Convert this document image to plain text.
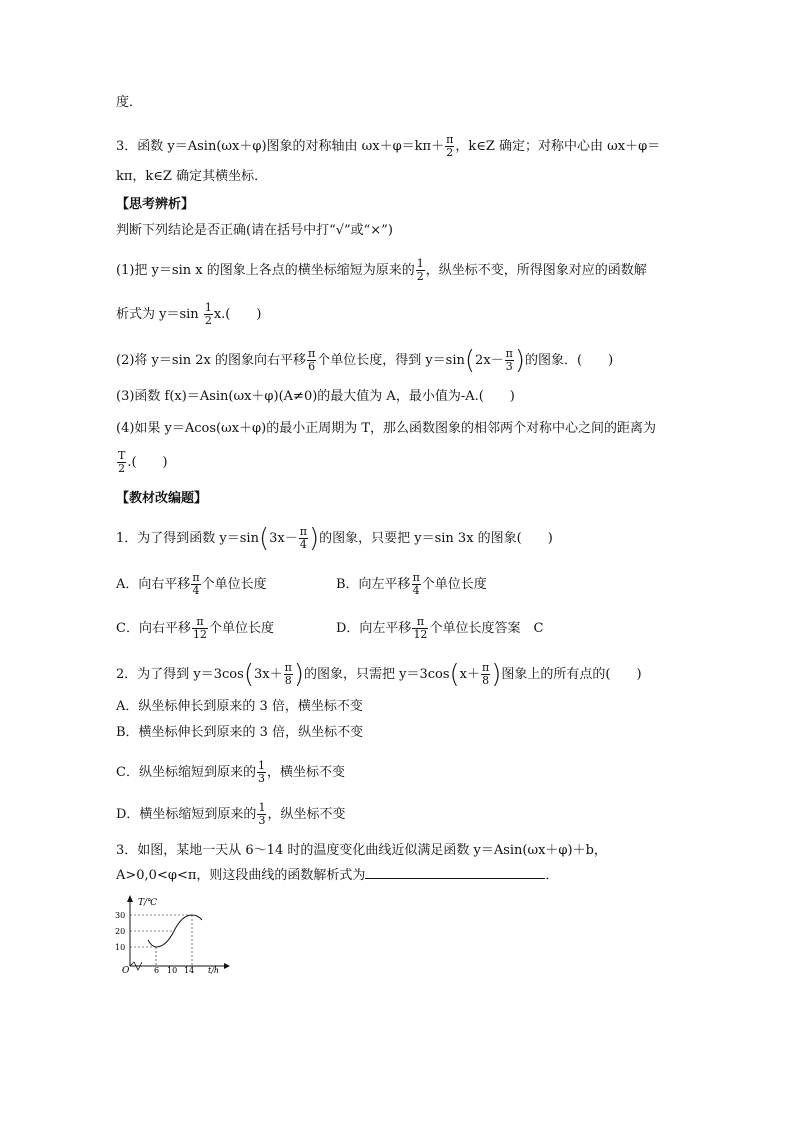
度．
3．函数 y＝Asin(ωx＋φ)图象的对称轴由 $\omega x+\varphi=k\pi+ \frac{\pi}{2}$ ，k∈Z 确定；对称中心由 ωx＋φ＝
kπ，k∈Z 确定其横坐标．
【思考辨析】
判断下列结论是否正确(请在括号中打“√”或“×”)
(1)把 y＝sin x 的图象上各点的横坐标缩短为原来的 $\frac{1}{2}$ ，纵坐标不变，所得图象对应的函数解
析式为 $y=\sin \frac{1}{2} x$.(　　)
(2)将 y＝sin 2x 的图象向右平移 $\frac{\pi}{6}$ 个单位长度，得到 $y=\sin(2x- \frac{\pi}{3}$ )的图象．(　　)
(3)函数 f(x)＝Asin(ωx＋φ)(A≠0)的最大值为 A，最小值为-A.(　　)
(4)如果 y＝Acos(ωx＋φ)的最小正周期为 T，那么函数图象的相邻两个对称中心之间的距离为
$\frac{T}{2}$ .(　　)
【教材改编题】
1．为了得到函数 $y=\sin(3x- \frac{\pi}{4}$ )的图象，只要把 y＝sin 3x 的图象(　　)
A．向右平移 $\frac{\pi}{4}$ 个单位长度	B．向左平移 $\frac{\pi}{4}$ 个单位长度
C．向右平移 $\frac{\pi}{12}$ 个单位长度	D．向左平移 $\frac{\pi}{12}$ 个单位长度答案　C
2．为了得到 $y=3\cos(3x+ \frac{\pi}{8}$ )的图象，只需把 $y=3\cos(x+ \frac{\pi}{8}$ )图象上的所有点的(　　)
A．纵坐标伸长到原来的 3 倍，横坐标不变
B．横坐标伸长到原来的 3 倍，纵坐标不变
C．纵坐标缩短到原来的 $\frac{1}{3}$ ，横坐标不变
D．横坐标缩短到原来的 $\frac{1}{3}$ ，纵坐标不变
3．如图，某地一天从 6～14 时的温度变化曲线近似满足函数 y＝Asin(ωx＋φ)＋b，
A>0,0<φ<π，则这段曲线的函数解析式为	．
T/℃
t/h
O
30
20
10
6 10 14
